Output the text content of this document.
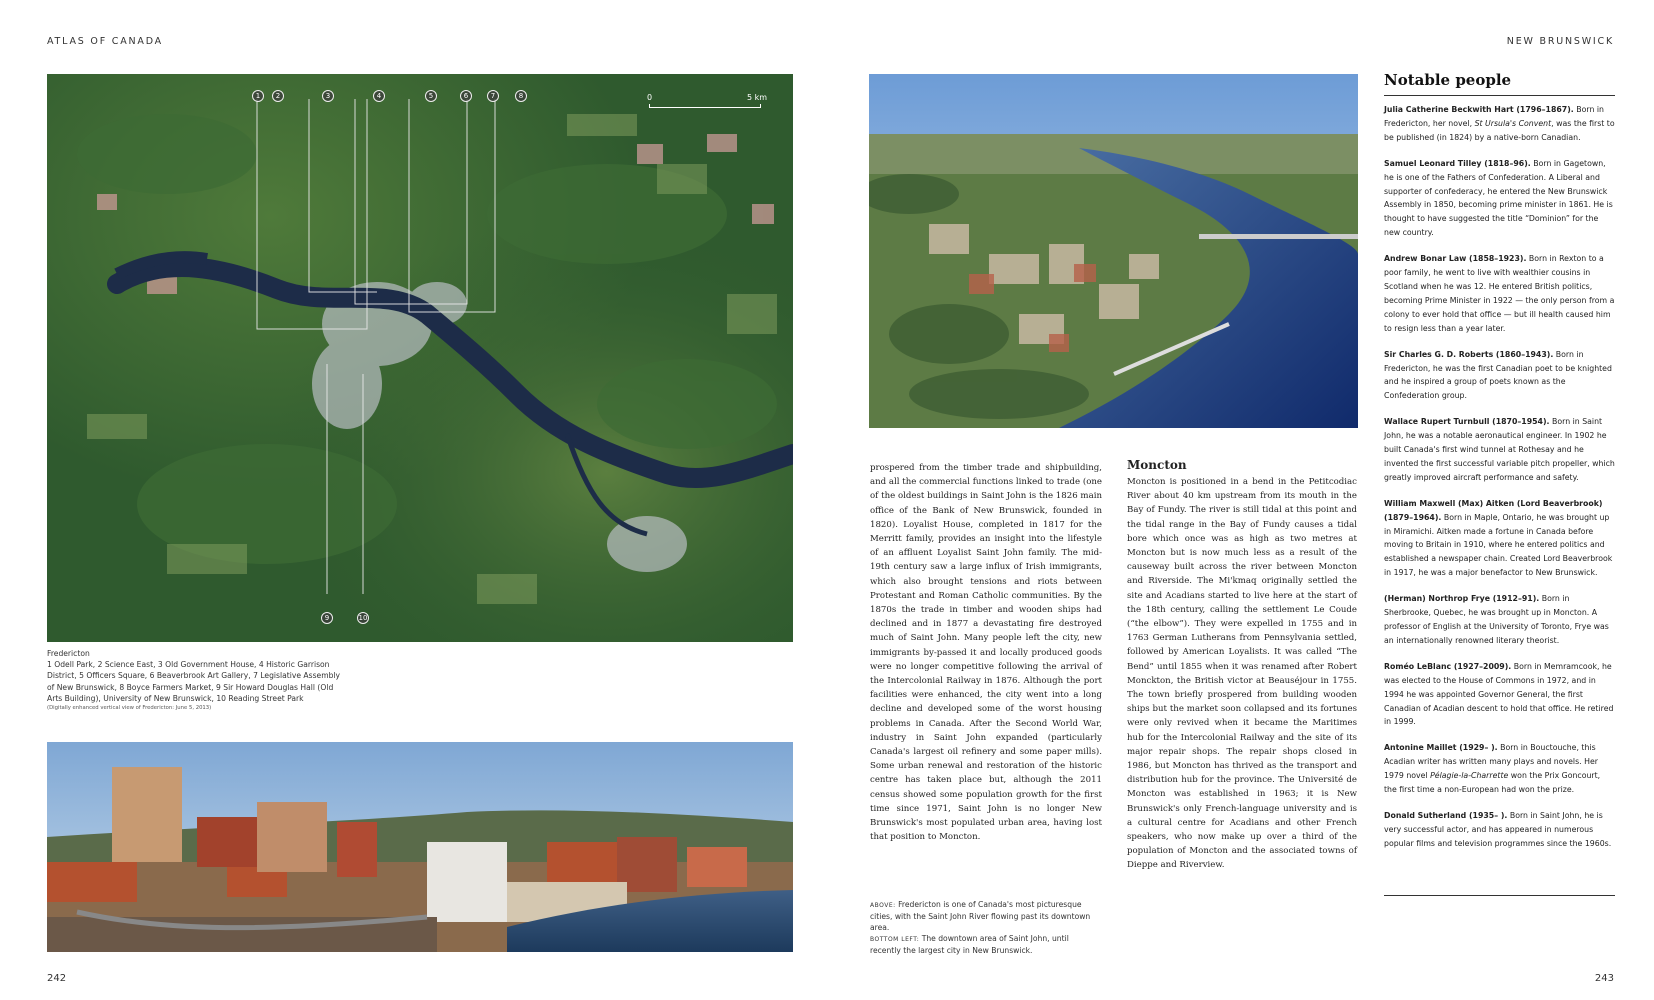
ATLAS OF CANADA	NEW BRUNSWICK
1	2	3	4	5	6	7	8
9	10
0	5 km
Fredericton
1 Odell Park, 2 Science East, 3 Old Government House, 4 Historic Garrison District, 5 Officers Square, 6 Beaverbrook Art Gallery, 7 Legislative Assembly of New Brunswick, 8 Boyce Farmers Market, 9 Sir Howard Douglas Hall (Old Arts Building), University of New Brunswick, 10 Reading Street Park
(Digitally enhanced vertical view of Fredericton: June 5, 2013)
prospered from the timber trade and shipbuilding, and all the commercial functions linked to trade (one of the oldest buildings in Saint John is the 1826 main office of the Bank of New Brunswick, founded in 1820). Loyalist House, completed in 1817 for the Merritt family, provides an insight into the lifestyle of an affluent Loyalist Saint John family. The mid-19th century saw a large influx of Irish immigrants, which also brought tensions and riots between Protestant and Roman Catholic communities. By the 1870s the trade in timber and wooden ships had declined and in 1877 a devastating fire destroyed much of Saint John. Many people left the city, new immigrants by-passed it and locally produced goods were no longer competitive following the arrival of the Intercolonial Railway in 1876. Although the port facilities were enhanced, the city went into a long decline and developed some of the worst housing problems in Canada. After the Second World War, industry in Saint John expanded (particularly Canada's largest oil refinery and some paper mills). Some urban renewal and restoration of the historic centre has taken place but, although the 2011 census showed some population growth for the first time since 1971, Saint John is no longer New Brunswick's most populated urban area, having lost that position to Moncton.
Moncton
Moncton is positioned in a bend in the Petitcodiac River about 40 km upstream from its mouth in the Bay of Fundy. The river is still tidal at this point and the tidal range in the Bay of Fundy causes a tidal bore which once was as high as two metres at Moncton but is now much less as a result of the causeway built across the river between Moncton and Riverside. The Mi'kmaq originally settled the site and Acadians started to live here at the start of the 18th century, calling the settlement Le Coude (“the elbow”). They were expelled in 1755 and in 1763 German Lutherans from Pennsylvania settled, followed by American Loyalists. It was called “The Bend” until 1855 when it was renamed after Robert Monckton, the British victor at Beauséjour in 1755. The town briefly prospered from building wooden ships but the market soon collapsed and its fortunes were only revived when it became the Maritimes hub for the Intercolonial Railway and the site of its major repair shops. The repair shops closed in 1986, but Moncton has thrived as the transport and distribution hub for the province. The Université de Moncton was established in 1963; it is New Brunswick's only French-language university and is a cultural centre for Acadians and other French speakers, who now make up over a third of the population of Moncton and the associated towns of Dieppe and Riverview.
ABOVE: Fredericton is one of Canada's most picturesque cities, with the Saint John River flowing past its downtown area.
BOTTOM LEFT: The downtown area of Saint John, until recently the largest city in New Brunswick.
Notable people
Julia Catherine Beckwith Hart (1796–1867). Born in Fredericton, her novel, St Ursula's Convent, was the first to be published (in 1824) by a native-born Canadian.
Samuel Leonard Tilley (1818–96). Born in Gagetown, he is one of the Fathers of Confederation. A Liberal and supporter of confederacy, he entered the New Brunswick Assembly in 1850, becoming prime minister in 1861. He is thought to have suggested the title “Dominion” for the new country.
Andrew Bonar Law (1858–1923). Born in Rexton to a poor family, he went to live with wealthier cousins in Scotland when he was 12. He entered British politics, becoming Prime Minister in 1922 — the only person from a colony to ever hold that office — but ill health caused him to resign less than a year later.
Sir Charles G. D. Roberts (1860–1943). Born in Fredericton, he was the first Canadian poet to be knighted and he inspired a group of poets known as the Confederation group.
Wallace Rupert Turnbull (1870–1954). Born in Saint John, he was a notable aeronautical engineer. In 1902 he built Canada's first wind tunnel at Rothesay and he invented the first successful variable pitch propeller, which greatly improved aircraft performance and safety.
William Maxwell (Max) Aitken (Lord Beaverbrook) (1879–1964). Born in Maple, Ontario, he was brought up in Miramichi. Aitken made a fortune in Canada before moving to Britain in 1910, where he entered politics and established a newspaper chain. Created Lord Beaverbrook in 1917, he was a major benefactor to New Brunswick.
(Herman) Northrop Frye (1912–91). Born in Sherbrooke, Quebec, he was brought up in Moncton. A professor of English at the University of Toronto, Frye was an internationally renowned literary theorist.
Roméo LeBlanc (1927–2009). Born in Memramcook, he was elected to the House of Commons in 1972, and in 1994 he was appointed Governor General, the first Canadian of Acadian descent to hold that office. He retired in 1999.
Antonine Maillet (1929– ). Born in Bouctouche, this Acadian writer has written many plays and novels. Her 1979 novel Pélagie-la-Charrette won the Prix Goncourt, the first time a non-European had won the prize.
Donald Sutherland (1935– ). Born in Saint John, he is very successful actor, and has appeared in numerous popular films and television programmes since the 1960s.
242	243
